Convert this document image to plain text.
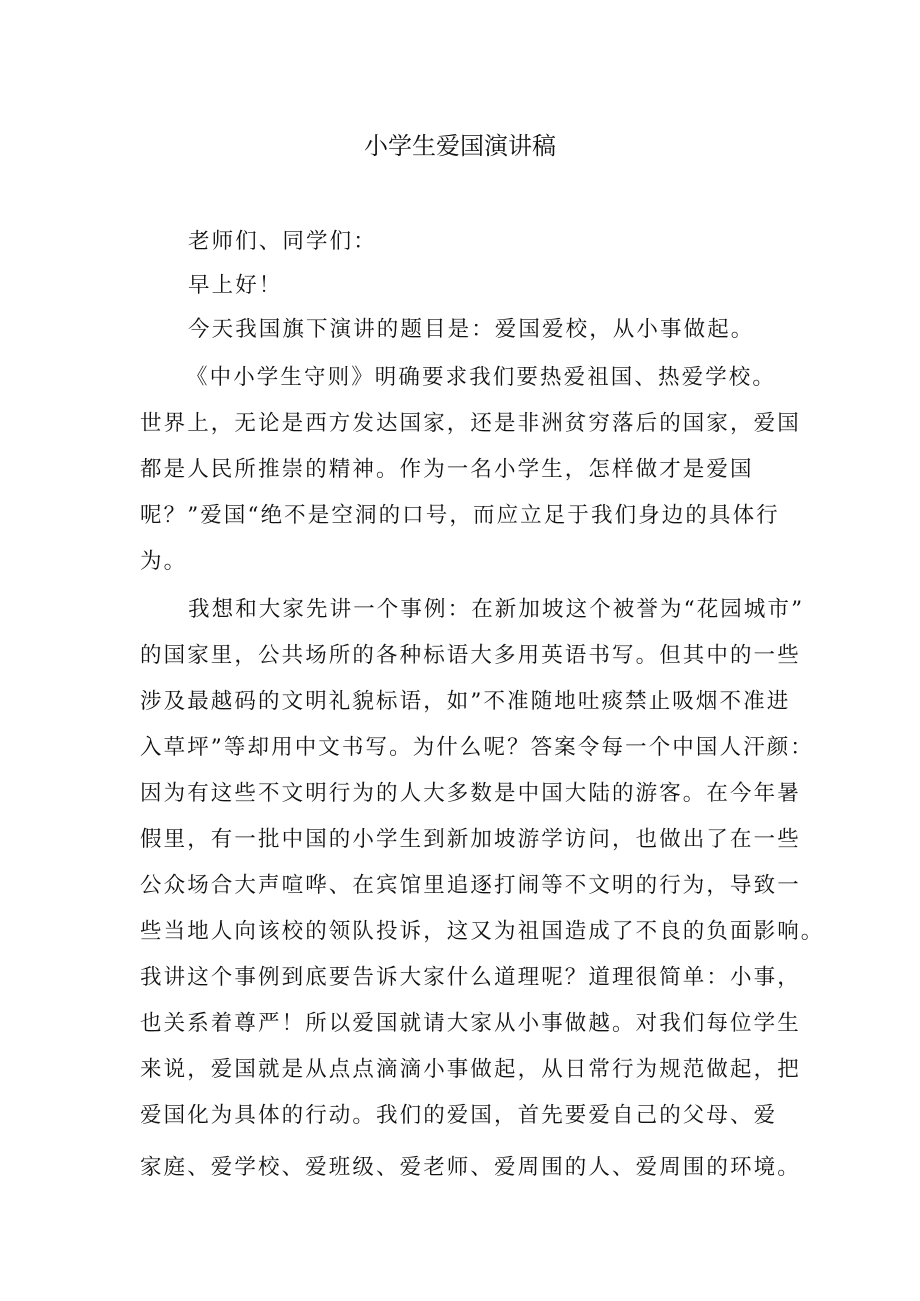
小学生爱国演讲稿
老师们、同学们：
早上好！
今天我国旗下演讲的题目是：爱国爱校，从小事做起。
《中小学生守则》明确要求我们要热爱祖国、热爱学校。
世界上，无论是西方发达国家，还是非洲贫穷落后的国家，爱国
都是人民所推崇的精神。作为一名小学生，怎样做才是爱国
呢？”爱国“绝不是空洞的口号，而应立足于我们身边的具体行
为。
我想和大家先讲一个事例：在新加坡这个被誉为“花园城市”
的国家里，公共场所的各种标语大多用英语书写。但其中的一些
涉及最越码的文明礼貌标语，如”不准随地吐痰禁止吸烟不准进
入草坪”等却用中文书写。为什么呢？答案令每一个中国人汗颜：
因为有这些不文明行为的人大多数是中国大陆的游客。在今年暑
假里，有一批中国的小学生到新加坡游学访问，也做出了在一些
公众场合大声喧哗、在宾馆里追逐打闹等不文明的行为，导致一
些当地人向该校的领队投诉，这又为祖国造成了不良的负面影响。
我讲这个事例到底要告诉大家什么道理呢？道理很简单：小事，
也关系着尊严！所以爱国就请大家从小事做越。对我们每位学生
来说，爱国就是从点点滴滴小事做起，从日常行为规范做起，把
爱国化为具体的行动。我们的爱国，首先要爱自己的父母、爱
家庭、爱学校、爱班级、爱老师、爱周围的人、爱周围的环境。
